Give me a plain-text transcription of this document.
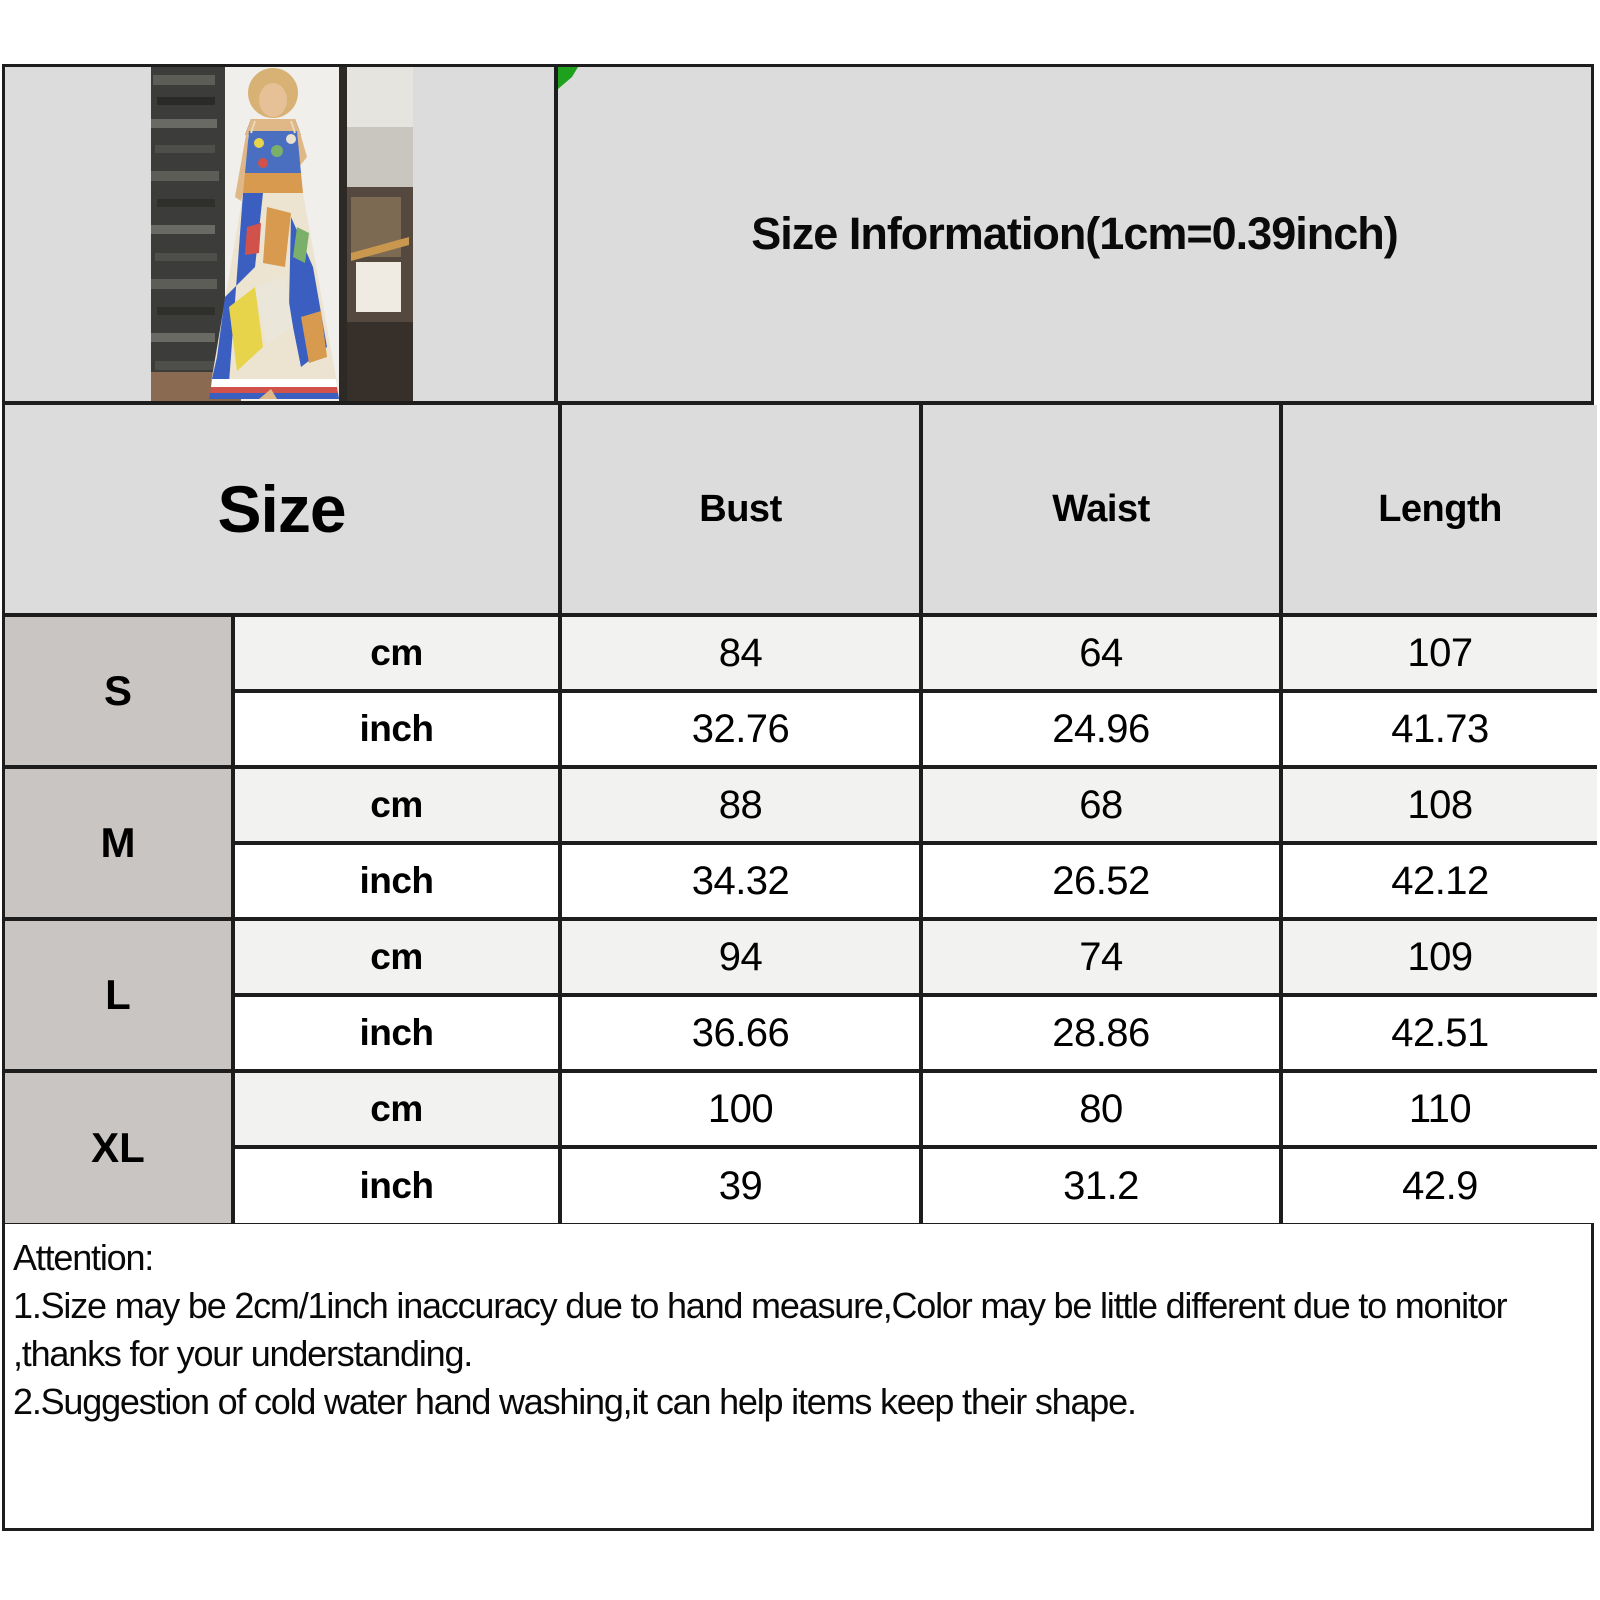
Size Information(1cm=0.39inch)
Size		Bust	Waist	Length
S	cm	84	64	107
	inch	32.76	24.96	41.73
M	cm	88	68	108
	inch	34.32	26.52	42.12
L	cm	94	74	109
	inch	36.66	28.86	42.51
XL	cm	100	80	110
	inch	39	31.2	42.9

Attention:

1.Size may be 2cm/1inch inaccuracy due to hand measure,Color may be little different due to monitor ,thanks for your understanding.

2.Suggestion of cold water hand washing,it can help items keep their shape.
